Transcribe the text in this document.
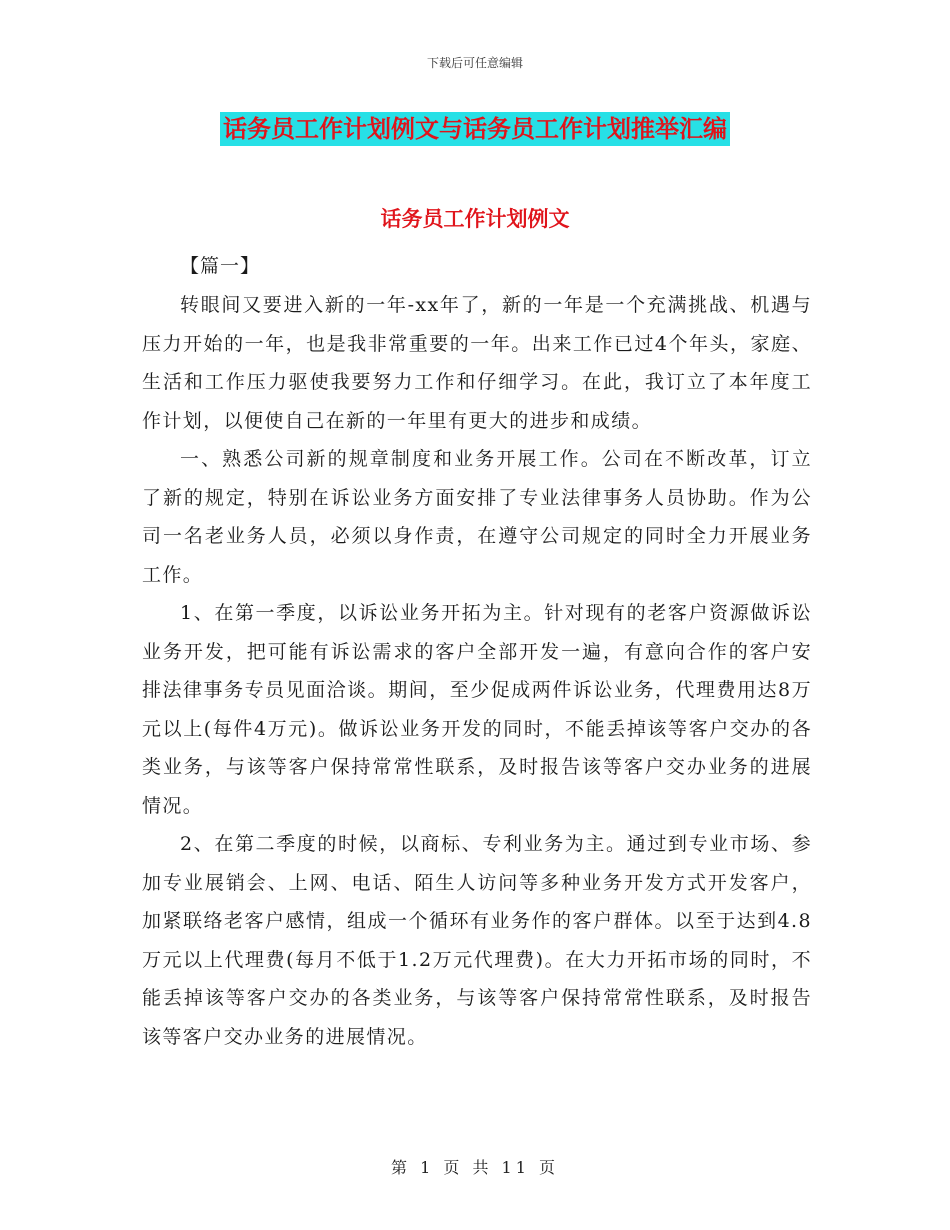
下载后可任意编辑
话务员工作计划例文与话务员工作计划推举汇编
话务员工作计划例文
【篇一】

转眼间又要进入新的一年-xx年了，新的一年是一个充满挑战、机遇与压力开始的一年，也是我非常重要的一年。出来工作已过4个年头，家庭、生活和工作压力驱使我要努力工作和仔细学习。在此，我订立了本年度工作计划，以便使自己在新的一年里有更大的进步和成绩。

一、熟悉公司新的规章制度和业务开展工作。公司在不断改革，订立了新的规定，特别在诉讼业务方面安排了专业法律事务人员协助。作为公司一名老业务人员，必须以身作责，在遵守公司规定的同时全力开展业务工作。

1、在第一季度，以诉讼业务开拓为主。针对现有的老客户资源做诉讼业务开发，把可能有诉讼需求的客户全部开发一遍，有意向合作的客户安排法律事务专员见面洽谈。期间，至少促成两件诉讼业务，代理费用达8万元以上(每件4万元)。做诉讼业务开发的同时，不能丢掉该等客户交办的各类业务，与该等客户保持常常性联系，及时报告该等客户交办业务的进展情况。

2、在第二季度的时候，以商标、专利业务为主。通过到专业市场、参加专业展销会、上网、电话、陌生人访问等多种业务开发方式开发客户，加紧联络老客户感情，组成一个循环有业务作的客户群体。以至于达到4.8万元以上代理费(每月不低于1.2万元代理费)。在大力开拓市场的同时，不能丢掉该等客户交办的各类业务，与该等客户保持常常性联系，及时报告该等客户交办业务的进展情况。

第 1 页 共 11 页
